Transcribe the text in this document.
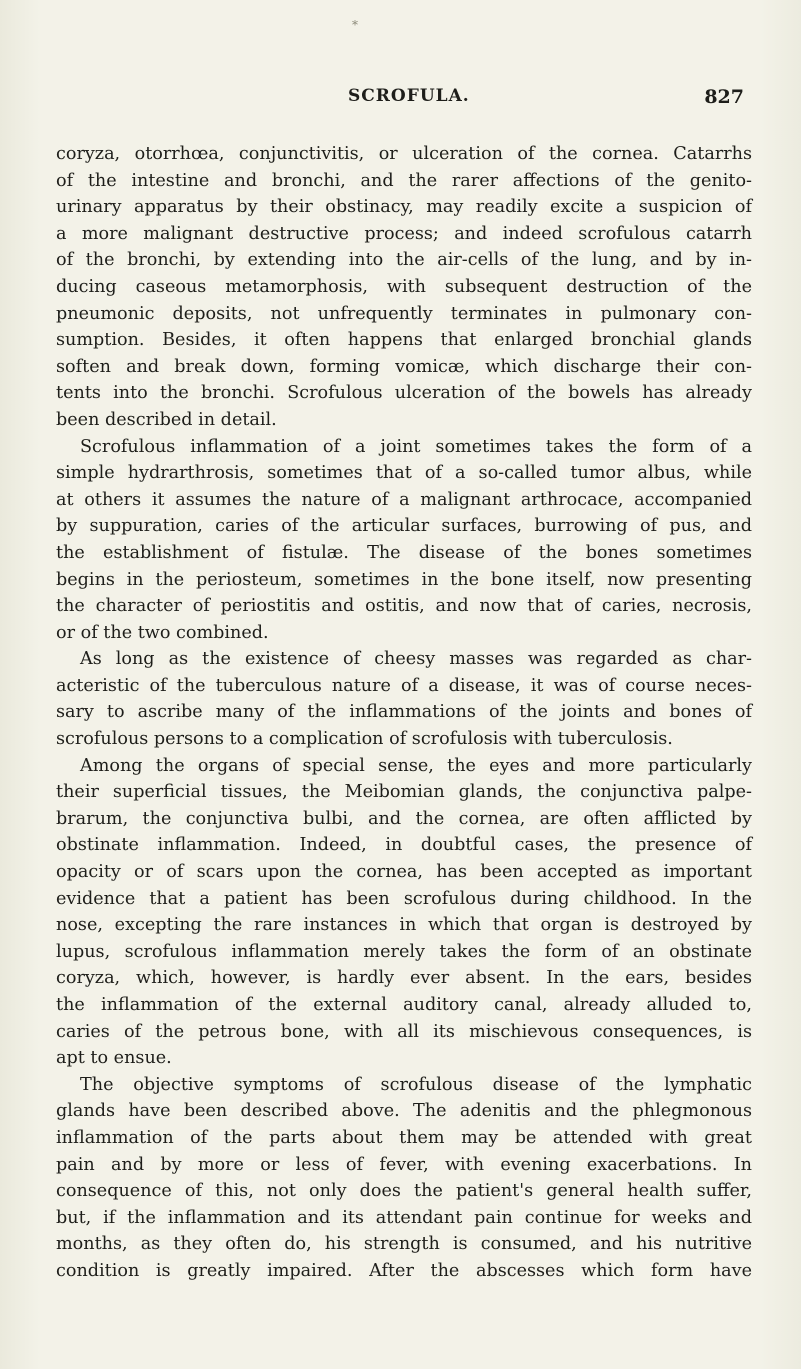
⁎
SCROFULA.	827
coryza, otorrhœa, conjunctivitis, or ulceration of the cornea. Catarrhs
of the intestine and bronchi, and the rarer affections of the genito-
urinary apparatus by their obstinacy, may readily excite a suspicion of
a more malignant destructive process; and indeed scrofulous catarrh
of the bronchi, by extending into the air-cells of the lung, and by in-
ducing caseous metamorphosis, with subsequent destruction of the
pneumonic deposits, not unfrequently terminates in pulmonary con-
sumption. Besides, it often happens that enlarged bronchial glands
soften and break down, forming vomicæ, which discharge their con-
tents into the bronchi. Scrofulous ulceration of the bowels has already
been described in detail.
Scrofulous inflammation of a joint sometimes takes the form of a
simple hydrarthrosis, sometimes that of a so-called tumor albus, while
at others it assumes the nature of a malignant arthrocace, accompanied
by suppuration, caries of the articular surfaces, burrowing of pus, and
the establishment of fistulæ. The disease of the bones sometimes
begins in the periosteum, sometimes in the bone itself, now presenting
the character of periostitis and ostitis, and now that of caries, necrosis,
or of the two combined.
As long as the existence of cheesy masses was regarded as char-
acteristic of the tuberculous nature of a disease, it was of course neces-
sary to ascribe many of the inflammations of the joints and bones of
scrofulous persons to a complication of scrofulosis with tuberculosis.
Among the organs of special sense, the eyes and more particularly
their superficial tissues, the Meibomian glands, the conjunctiva palpe-
brarum, the conjunctiva bulbi, and the cornea, are often afflicted by
obstinate inflammation. Indeed, in doubtful cases, the presence of
opacity or of scars upon the cornea, has been accepted as important
evidence that a patient has been scrofulous during childhood. In the
nose, excepting the rare instances in which that organ is destroyed by
lupus, scrofulous inflammation merely takes the form of an obstinate
coryza, which, however, is hardly ever absent. In the ears, besides
the inflammation of the external auditory canal, already alluded to,
caries of the petrous bone, with all its mischievous consequences, is
apt to ensue.
The objective symptoms of scrofulous disease of the lymphatic
glands have been described above. The adenitis and the phlegmonous
inflammation of the parts about them may be attended with great
pain and by more or less of fever, with evening exacerbations. In
consequence of this, not only does the patient's general health suffer,
but, if the inflammation and its attendant pain continue for weeks and
months, as they often do, his strength is consumed, and his nutritive
condition is greatly impaired. After the abscesses which form have
